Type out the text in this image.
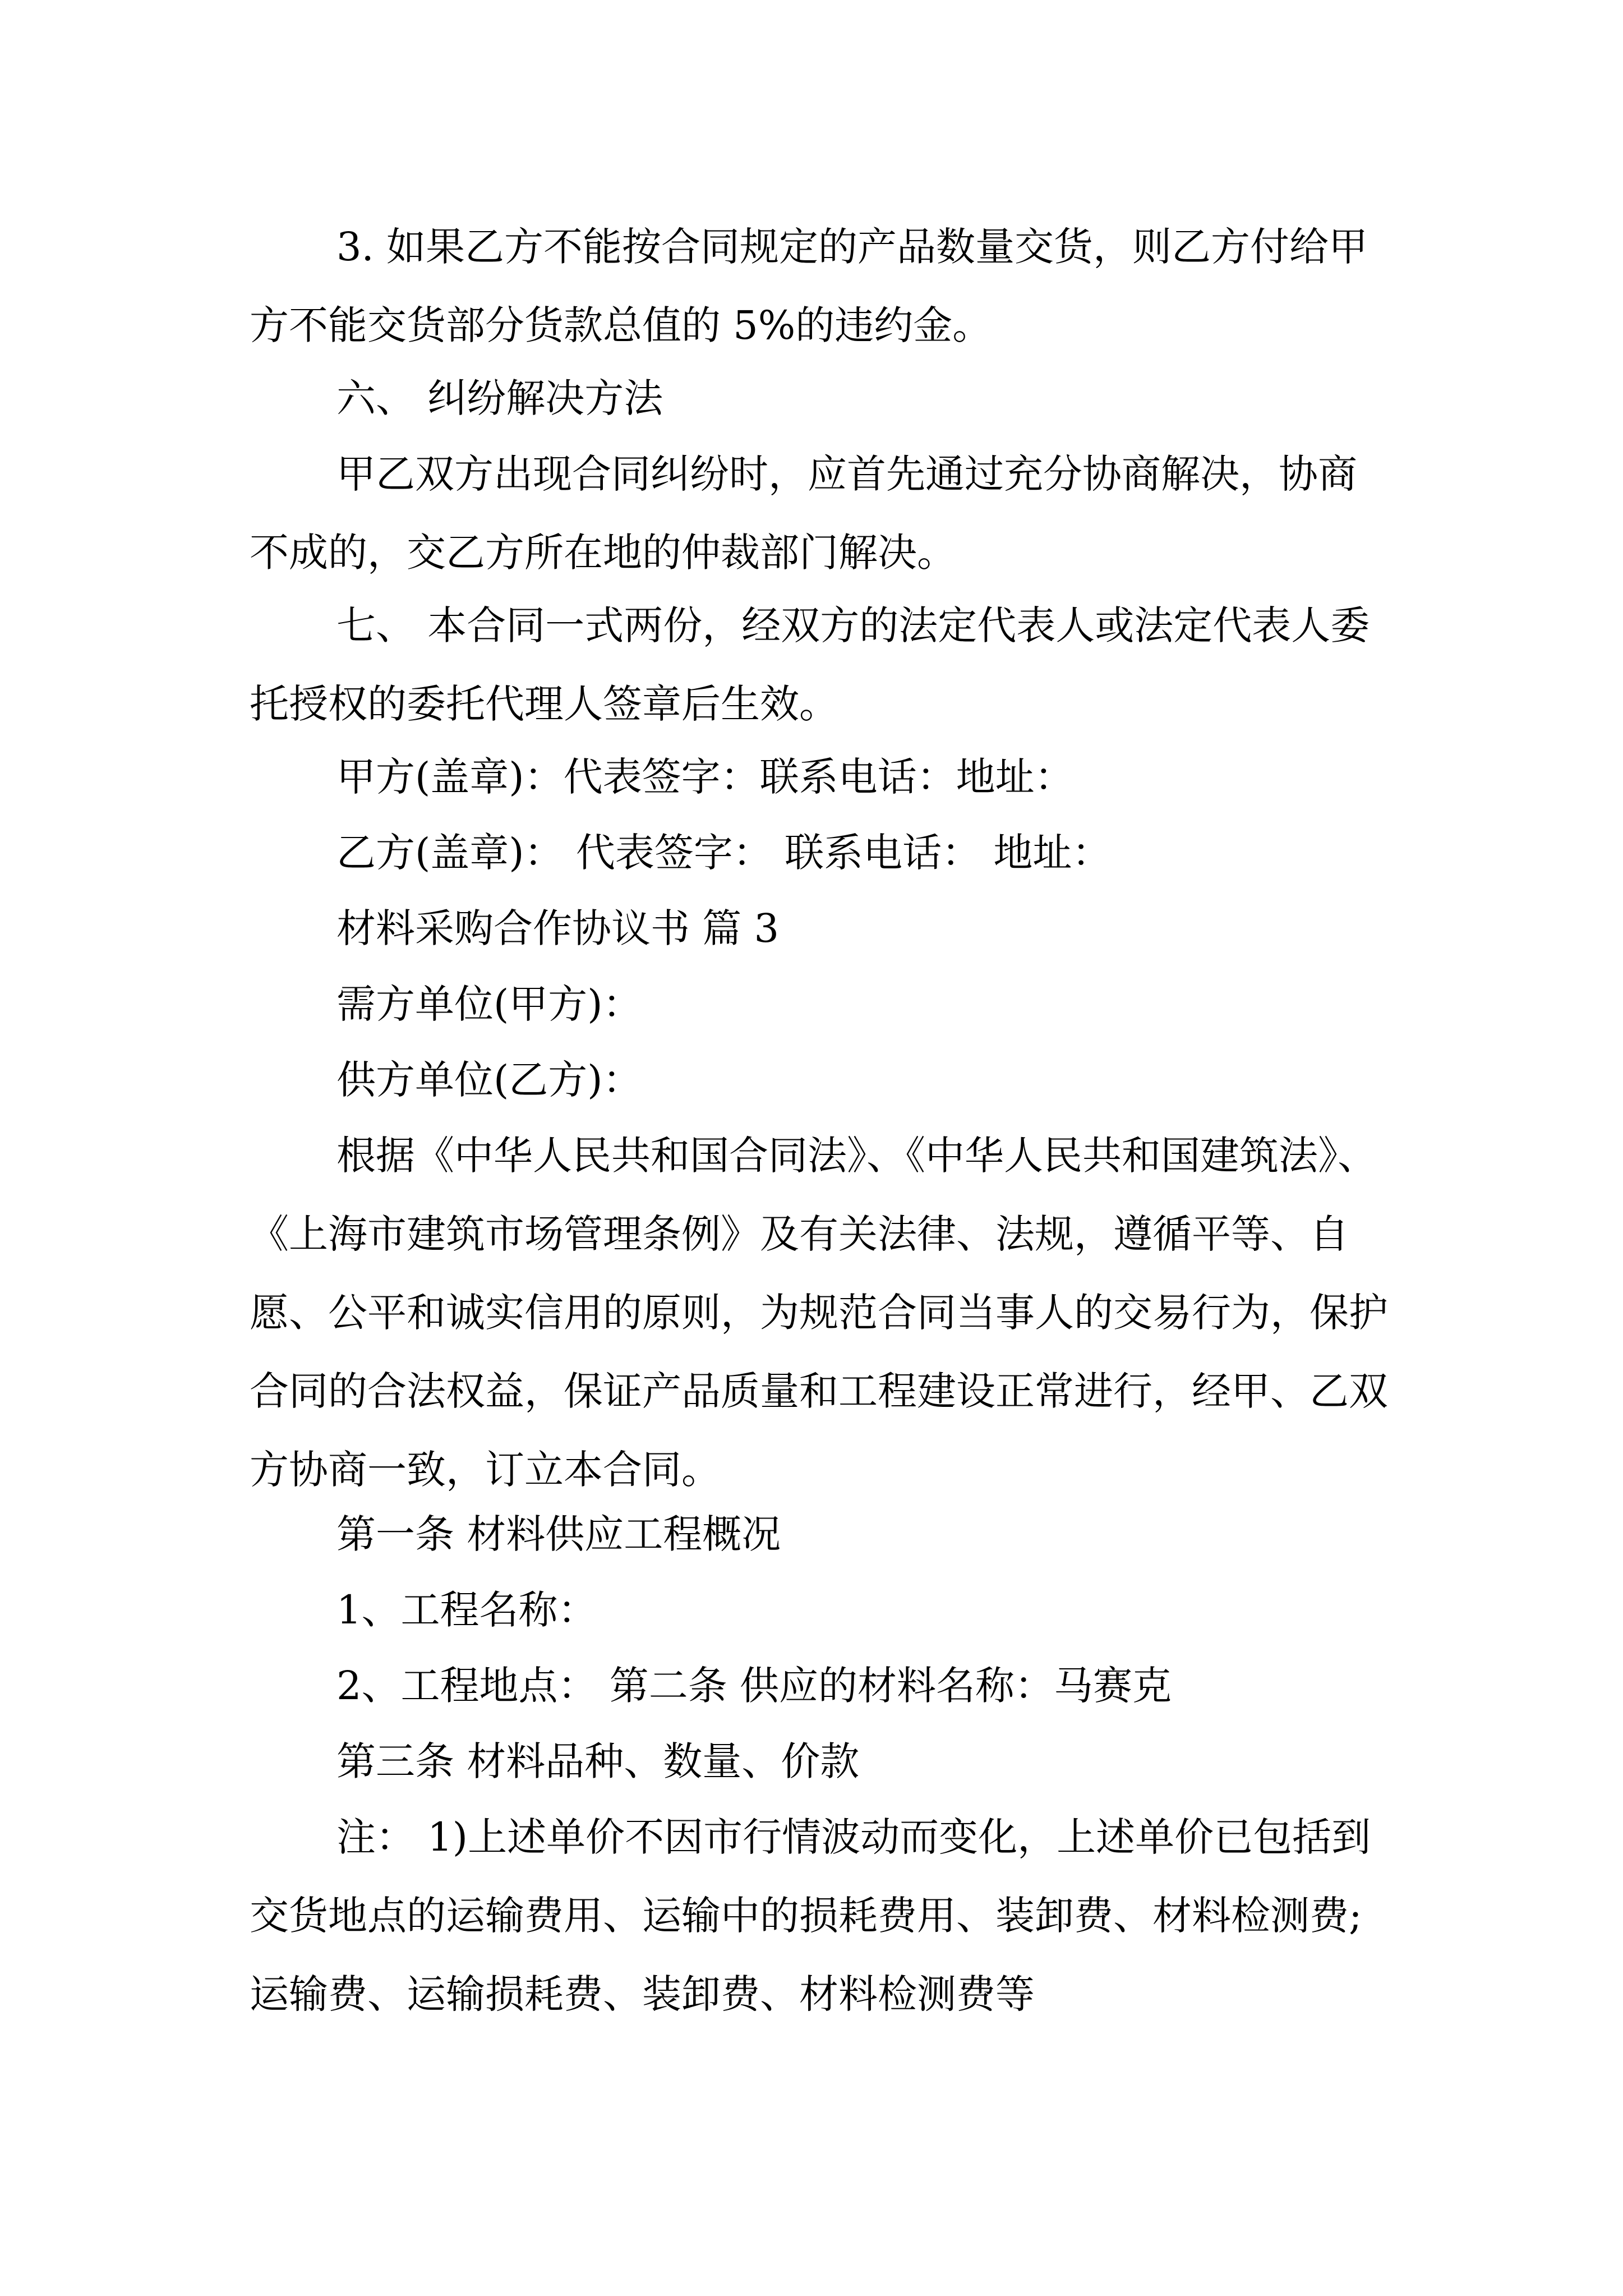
3. 如果乙方不能按合同规定的产品数量交货，则乙方付给甲方不能交货部分货款总值的 5%的违约金。

六、 纠纷解决方法

甲乙双方出现合同纠纷时，应首先通过充分协商解决，协商不成的，交乙方所在地的仲裁部门解决。

七、 本合同一式两份，经双方的法定代表人或法定代表人委托授权的委托代理人签章后生效。

甲方(盖章)：代表签字：联系电话：地址：

乙方(盖章)： 代表签字： 联系电话： 地址：

材料采购合作协议书 篇 3

需方单位(甲方)：

供方单位(乙方)：

根据《中华人民共和国合同法》、《中华人民共和国建筑法》、《上海市建筑市场管理条例》及有关法律、法规，遵循平等、自愿、公平和诚实信用的原则，为规范合同当事人的交易行为，保护合同的合法权益，保证产品质量和工程建设正常进行，经甲、乙双方协商一致，订立本合同。

第一条 材料供应工程概况

1、工程名称：

2、工程地点： 第二条 供应的材料名称：马赛克

第三条 材料品种、数量、价款

注： 1)上述单价不因市行情波动而变化，上述单价已包括到交货地点的运输费用、运输中的损耗费用、装卸费、材料检测费;运输费、运输损耗费、装卸费、材料检测费等
